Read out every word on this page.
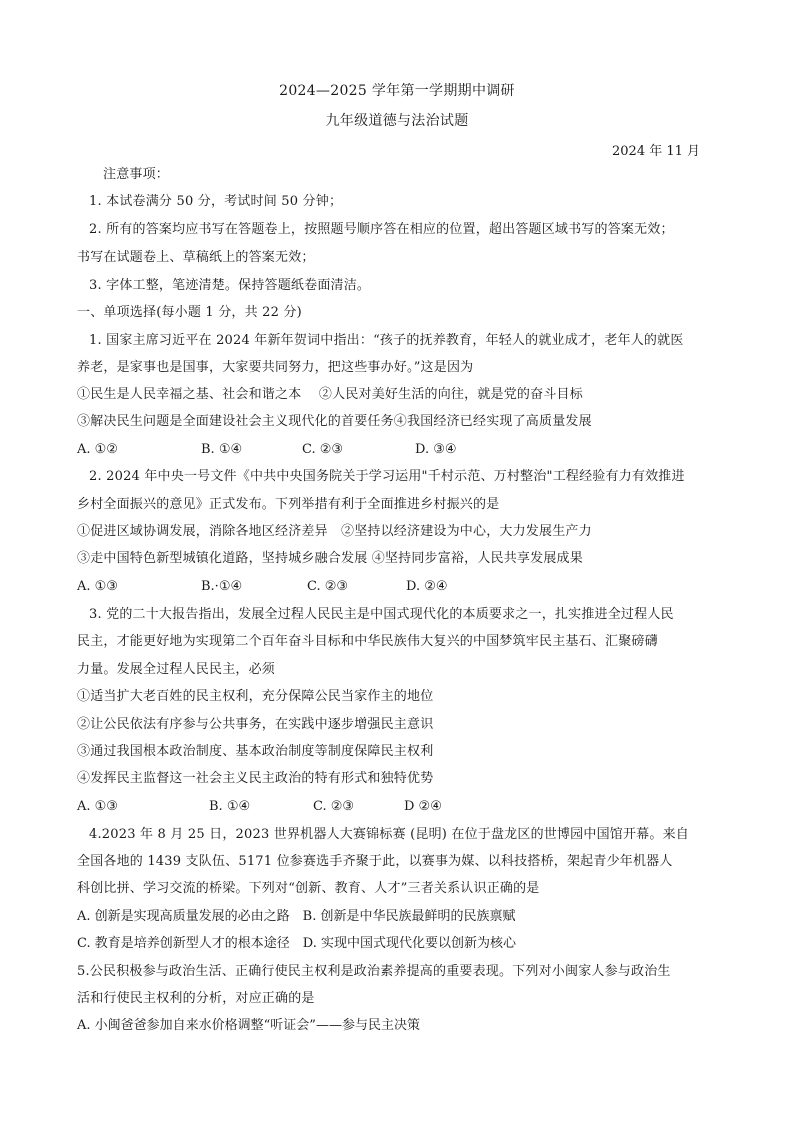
2024—2025 学年第一学期期中调研
九年级道德与法治试题
2024 年 11 月
注意事项：
1. 本试卷满分 50 分，考试时间 50 分钟；
2. 所有的答案均应书写在答题卷上，按照题号顺序答在相应的位置，超出答题区域书写的答案无效；
书写在试题卷上、草稿纸上的答案无效；
3. 字体工整，笔迹清楚。保持答题纸卷面清洁。
一、单项选择(每小题 1 分，共 22 分)
1. 国家主席习近平在 2024 年新年贺词中指出：“孩子的抚养教育，年轻人的就业成才，老年人的就医
养老，是家事也是国事，大家要共同努力，把这些事办好。”这是因为
①民生是人民幸福之基、社会和谐之本　 ②人民对美好生活的向往，就是党的奋斗目标
③解决民生问题是全面建设社会主义现代化的首要任务④我国经济已经实现了高质量发展
A. ①②	B. ①④	C. ②③	D. ③④
2. 2024 年中央一号文件《中共中央国务院关于学习运用"千村示范、万村整治"工程经验有力有效推进
乡村全面振兴的意见》正式发布。下列举措有利于全面推进乡村振兴的是
①促进区域协调发展，消除各地区经济差异　②坚持以经济建设为中心，大力发展生产力
③走中国特色新型城镇化道路，坚持城乡融合发展 ④坚持同步富裕，人民共享发展成果
A. ①③	B.·①④	C. ②③	D. ②④
3. 党的二十大报告指出，发展全过程人民民主是中国式现代化的本质要求之一，扎实推进全过程人民
民主，才能更好地为实现第二个百年奋斗目标和中华民族伟大复兴的中国梦筑牢民主基石、汇聚磅礴
力量。发展全过程人民民主，必须
①适当扩大老百姓的民主权利，充分保障公民当家作主的地位
②让公民依法有序参与公共事务，在实践中逐步增强民主意识
③通过我国根本政治制度、基本政治制度等制度保障民主权利
④发挥民主监督这一社会主义民主政治的特有形式和独特优势
A. ①③	B. ①④	C. ②③	D ②④
4.2023 年 8 月 25 日，2023 世界机器人大赛锦标赛 (昆明) 在位于盘龙区的世博园中国馆开幕。来自
全国各地的 1439 支队伍、5171 位参赛选手齐聚于此，以赛事为媒、以科技搭桥，架起青少年机器人
科创比拼、学习交流的桥梁。下列对“创新、教育、人才”三者关系认识正确的是
A. 创新是实现高质量发展的必由之路　B. 创新是中华民族最鲜明的民族禀赋
C. 教育是培养创新型人才的根本途径　D. 实现中国式现代化要以创新为核心
5.公民积极参与政治生活、正确行使民主权利是政治素养提高的重要表现。下列对小闽家人参与政治生
活和行使民主权利的分析，对应正确的是
A. 小闽爸爸参加自来水价格调整“听证会”——参与民主决策
